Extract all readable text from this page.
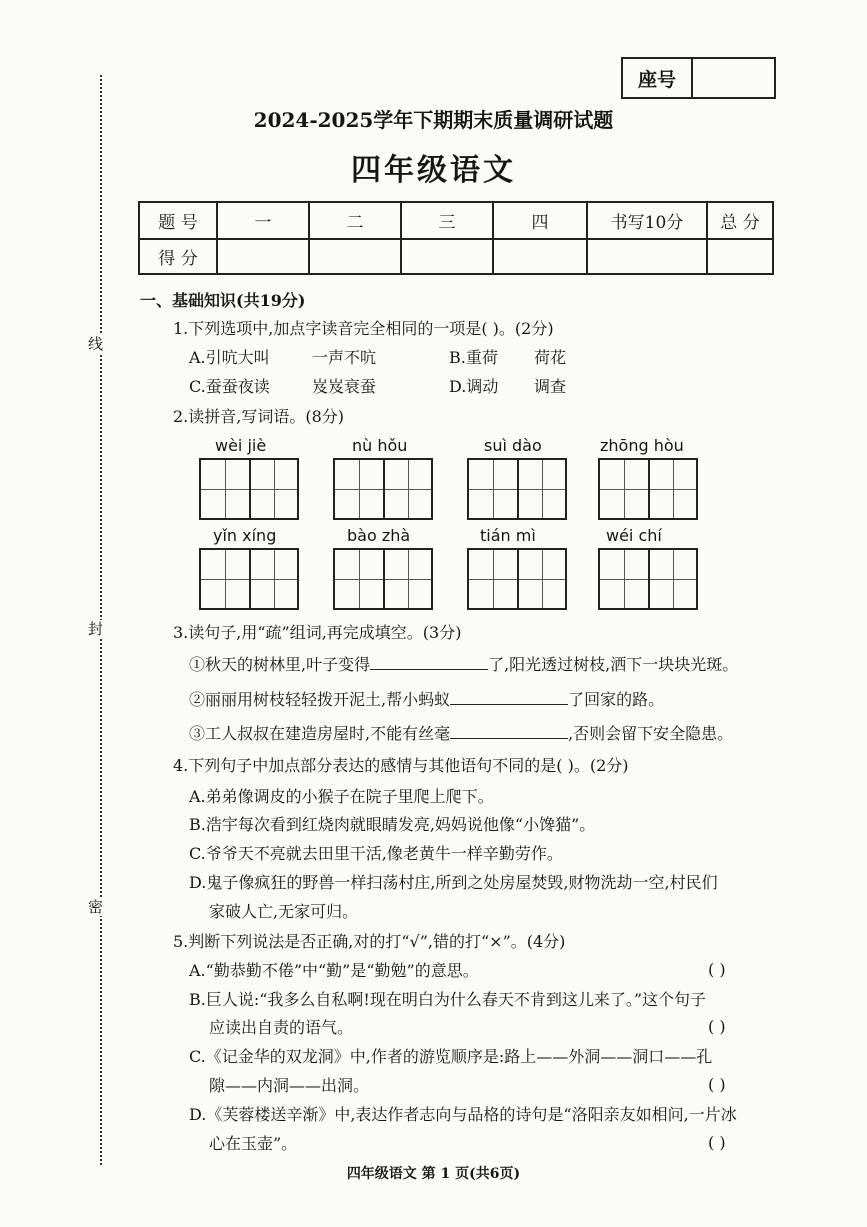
线
封
密
座号
2024-2025学年下期期末质量调研试题
四年级语文
题 号	一	二	三	四	书写10分	总 分
得 分						
一、基础知识(共19分)
1.下列选项中,加点字读音完全相同的一项是( )。(2分)
A.引吭大叫	一声不吭	B.重荷 荷花
C.蚕蚕夜读	岌岌衰蚕	D.调动 调查
2.读拼音,写词语。(8分)
wèi jiè	nù hǒu	suì dào	zhōng hòu
yǐn xíng	bào zhà	tián mì	wéi chí
3.读句子,用“疏”组词,再完成填空。(3分)
①秋天的树林里,叶子变得	了,阳光透过树枝,洒下一块块光斑。
②丽丽用树枝轻轻拨开泥土,帮小蚂蚁	了回家的路。
③工人叔叔在建造房屋时,不能有丝毫	,否则会留下安全隐患。
4.下列句子中加点部分表达的感情与其他语句不同的是( )。(2分)
A.弟弟像调皮的小猴子在院子里爬上爬下。
B.浩宇每次看到红烧肉就眼睛发亮,妈妈说他像“小馋猫”。
C.爷爷天不亮就去田里干活,像老黄牛一样辛勤劳作。
D.鬼子像疯狂的野兽一样扫荡村庄,所到之处房屋焚毁,财物洗劫一空,村民们
家破人亡,无家可归。
5.判断下列说法是否正确,对的打“√”,错的打“×”。(4分)
A.“勤恭勤不倦”中“勤”是“勤勉”的意思。	( )
B.巨人说:“我多么自私啊!现在明白为什么春天不肯到这儿来了。”这个句子
应读出自责的语气。	( )
C.《记金华的双龙洞》中,作者的游览顺序是:路上——外洞——洞口——孔
隙——内洞——出洞。	( )
D.《芙蓉楼送辛渐》中,表达作者志向与品格的诗句是“洛阳亲友如相问,一片冰
心在玉壶”。	( )
四年级语文 第 1 页(共6页)
